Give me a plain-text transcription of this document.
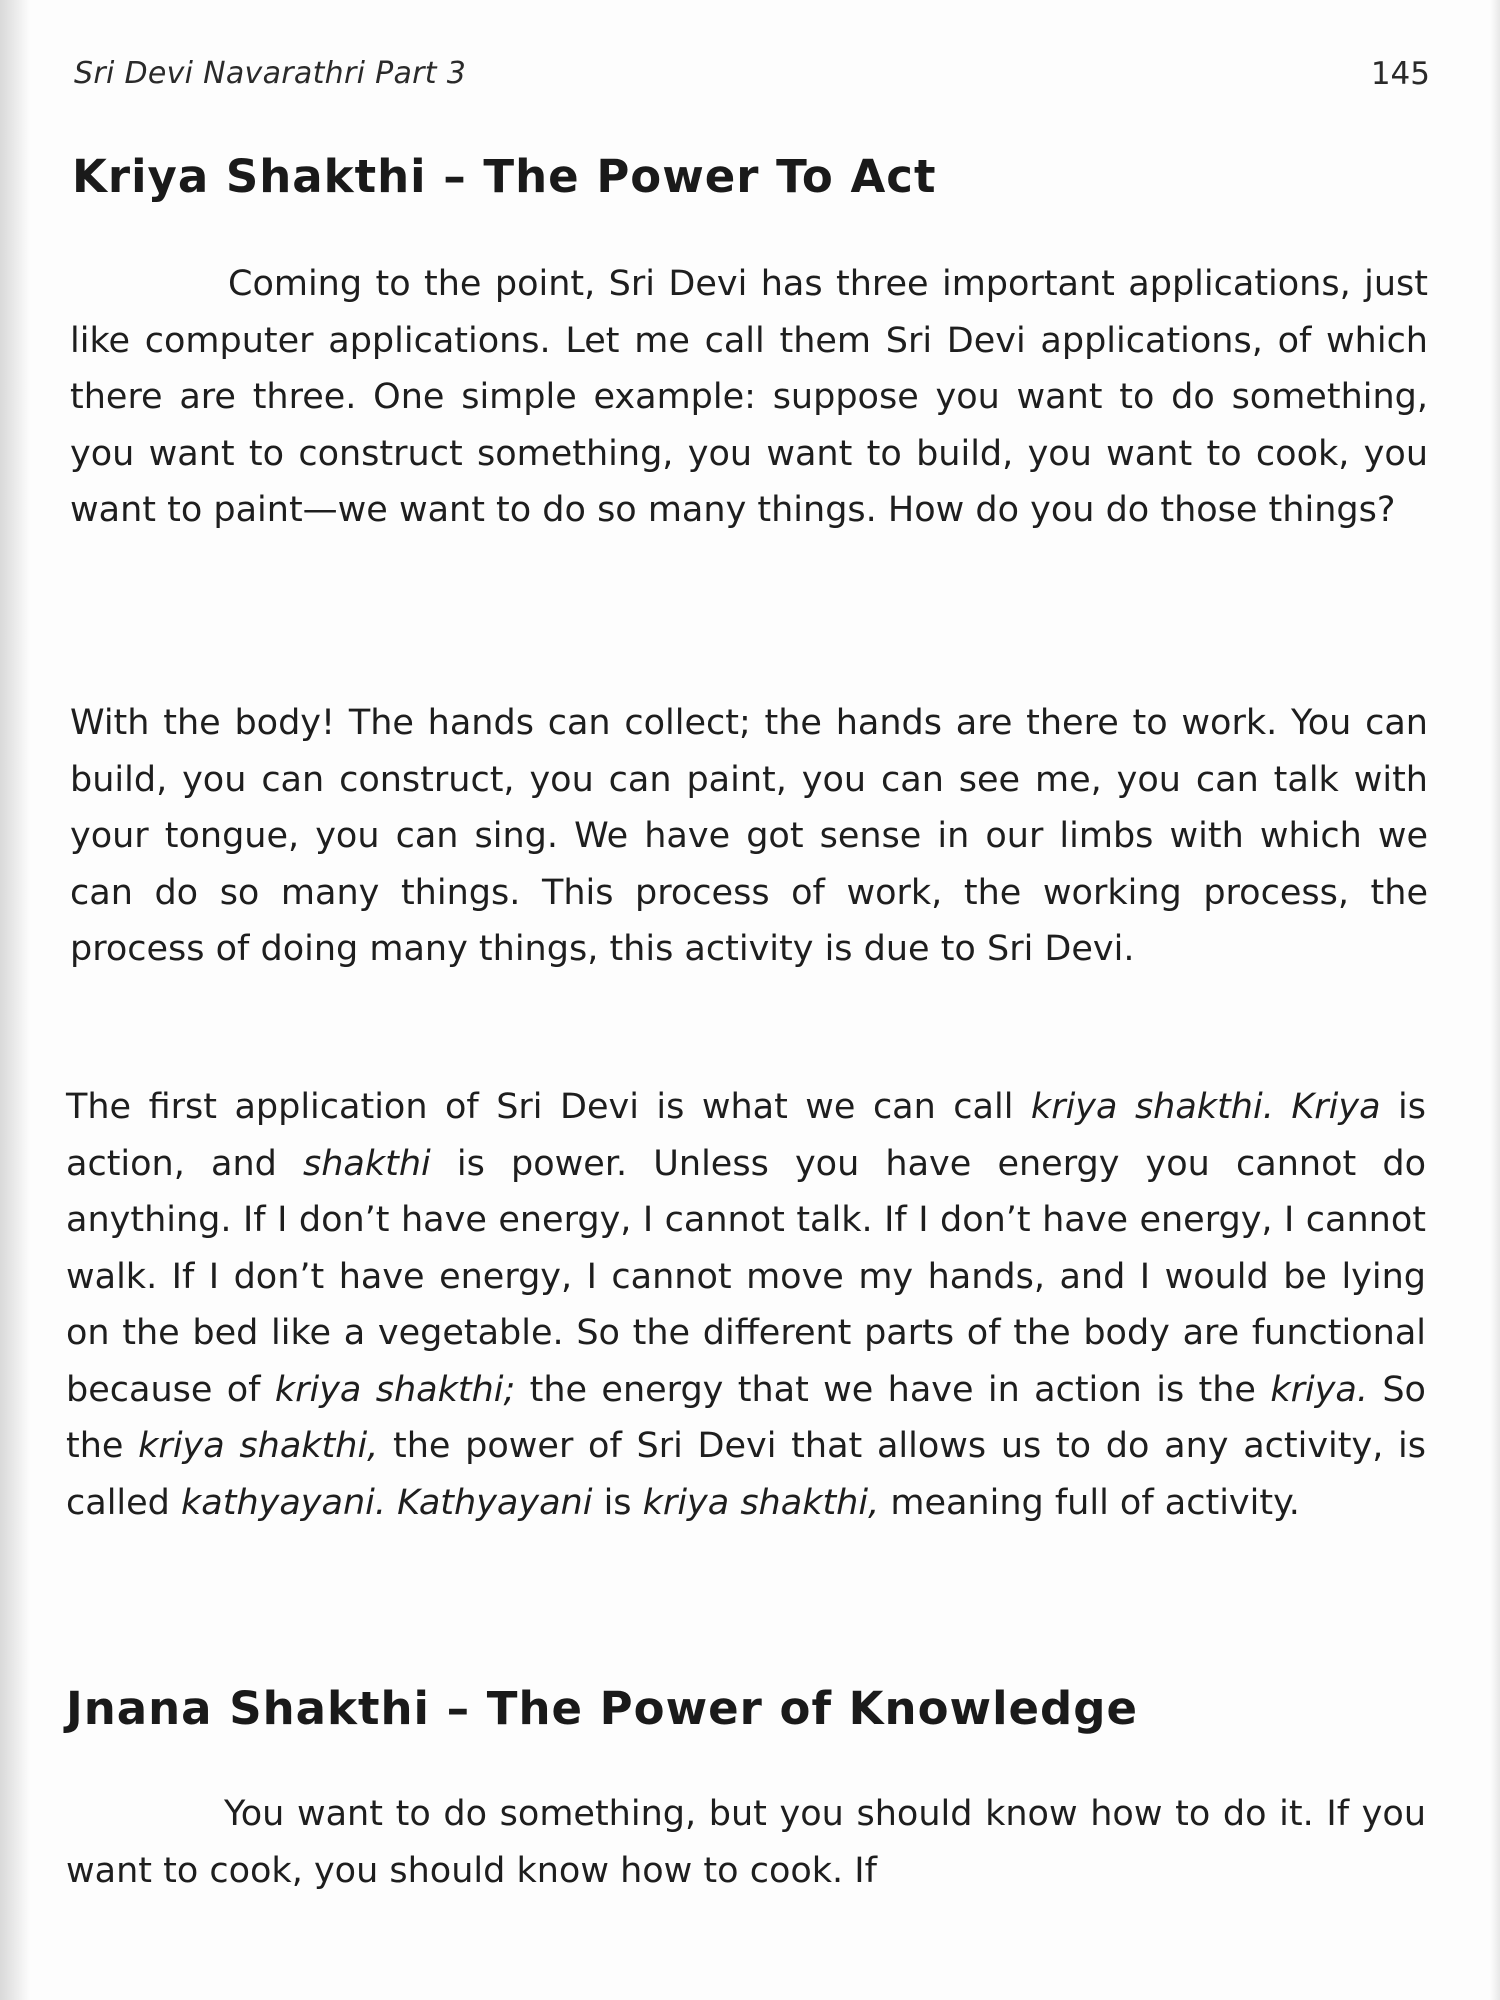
Sri Devi Navarathri Part 3	145
Kriya Shakthi – The Power To Act

Coming to the point, Sri Devi has three important applications, just like computer applications. Let me call them Sri Devi applications, of which there are three. One simple example: suppose you want to do something, you want to construct something, you want to build, you want to cook, you want to paint—we want to do so many things. How do you do those things?

With the body! The hands can collect; the hands are there to work. You can build, you can construct, you can paint, you can see me, you can talk with your tongue, you can sing. We have got sense in our limbs with which we can do so many things. This process of work, the working process, the process of doing many things, this activity is due to Sri Devi.

The first application of Sri Devi is what we can call kriya shakthi. Kriya is action, and shakthi is power. Unless you have energy you cannot do anything. If I don’t have energy, I cannot talk. If I don’t have energy, I cannot walk. If I don’t have energy, I cannot move my hands, and I would be lying on the bed like a vegetable. So the different parts of the body are functional because of kriya shakthi; the energy that we have in action is the kriya. So the kriya shakthi, the power of Sri Devi that allows us to do any activity, is called kathyayani. Kathyayani is kriya shakthi, meaning full of activity.

Jnana Shakthi – The Power of Knowledge

You want to do something, but you should know how to do it. If you want to cook, you should know how to cook. If
